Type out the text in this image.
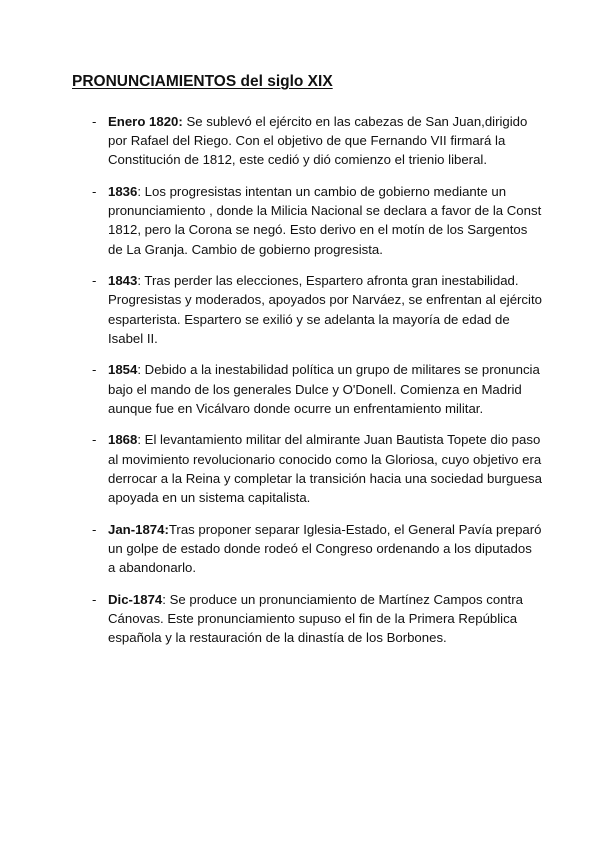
PRONUNCIAMIENTOS del siglo XIX
- Enero 1820: Se sublevó el ejército en las cabezas de San Juan,dirigido por Rafael del Riego. Con el objetivo de que Fernando VII firmará la Constitución de 1812, este cedió y dió comienzo el trienio liberal.
- 1836: Los progresistas intentan un cambio de gobierno mediante un pronunciamiento , donde la Milicia Nacional se declara a favor de la Const 1812, pero la Corona se negó. Esto derivo en el motín de los Sargentos de La Granja. Cambio de gobierno progresista.
- 1843: Tras perder las elecciones, Espartero afronta gran inestabilidad. Progresistas y moderados, apoyados por Narváez, se enfrentan al ejército esparterista. Espartero se exilió y se adelanta la mayoría de edad de Isabel II.
- 1854: Debido a la inestabilidad política un grupo de militares se pronuncia bajo el mando de los generales Dulce y O'Donell. Comienza en Madrid aunque fue en Vicálvaro donde ocurre un enfrentamiento militar.
- 1868: El levantamiento militar del almirante Juan Bautista Topete dio paso al movimiento revolucionario conocido como la Gloriosa, cuyo objetivo era derrocar a la Reina y completar la transición hacia una sociedad burguesa apoyada en un sistema capitalista.
- Jan-1874:Tras proponer separar Iglesia-Estado, el General Pavía preparó un golpe de estado donde rodeó el Congreso ordenando a los diputados a abandonarlo.
- Dic-1874: Se produce un pronunciamiento de Martínez Campos contra Cánovas. Este pronunciamiento supuso el fin de la Primera República española y la restauración de la dinastía de los Borbones.
